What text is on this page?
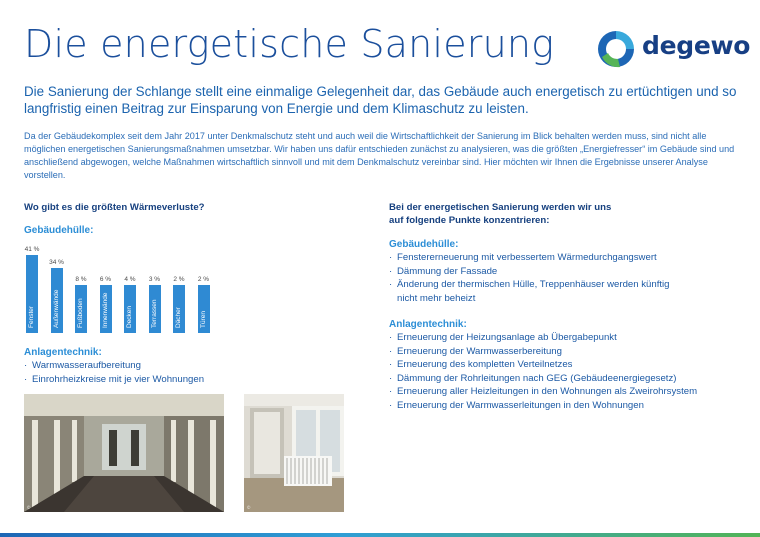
Die energetische Sanierung	degewo
Die Sanierung der Schlange stellt eine einmalige Gelegenheit dar, das Gebäude auch energetisch zu ertüchtigen und so langfristig einen Beitrag zur Einsparung von Energie und dem Klimaschutz zu leisten.
Da der Gebäudekomplex seit dem Jahr 2017 unter Denkmalschutz steht und auch weil die Wirtschaftlichkeit der Sanierung im Blick behalten werden muss, sind nicht alle möglichen energetischen Sanierungsmaßnahmen umsetzbar. Wir haben uns dafür entschieden zunächst zu analysieren, was die größten „Energiefresser“ im Gebäude sind und anschließend abgewogen, welche Maßnahmen wirtschaftlich sinnvoll und mit dem Denkmalschutz vereinbar sind. Hier möchten wir Ihnen die Ergebnisse unserer Analyse vorstellen.
Wo gibt es die größten Wärmeverluste?
Gebäudehülle:
Fenster
41 %
Außenwände
34 %
Fußboden
8 %
Innenwände
6 %
Decken
4 %
Terrassen
3 %
Dächer
2 %
Türen
2 %
Anlagentechnik:
· Warmwasseraufbereitung
· Einrohrheizkreise mit je vier Wohnungen
©	©
Bei der energetischen Sanierung werden wir uns
auf folgende Punkte konzentrieren:
Gebäudehülle:
· Fenstererneuerung mit verbessertem Wärmedurchgangswert
· Dämmung der Fassade
· Änderung der thermischen Hülle, Treppenhäuser werden künftig nicht mehr beheizt
Anlagentechnik:
· Erneuerung der Heizungsanlage ab Übergabepunkt
· Erneuerung der Warmwasserbereitung
· Erneuerung des kompletten Verteilnetzes
· Dämmung der Rohrleitungen nach GEG (Gebäudeenergiegesetz)
· Erneuerung aller Heizleitungen in den Wohnungen als Zweirohrsystem
· Erneuerung der Warmwasserleitungen in den Wohnungen
